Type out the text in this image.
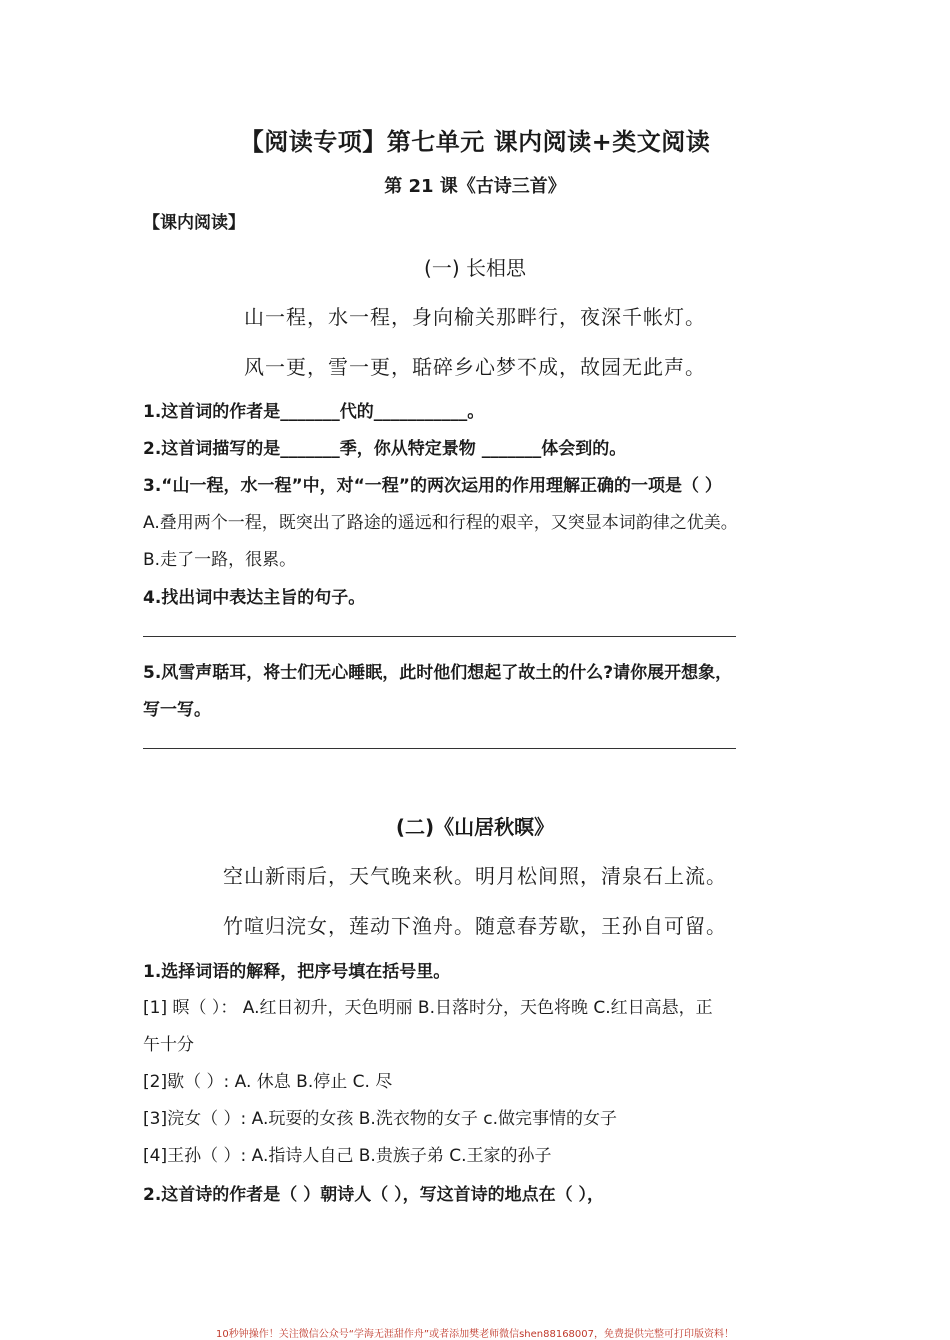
【阅读专项】第七单元 课内阅读+类文阅读
第 21 课《古诗三首》
【课内阅读】
(一) 长相思
山一程，水一程，身向榆关那畔行，夜深千帐灯。
风一更，雪一更，聒碎乡心梦不成，故园无此声。
1.这首词的作者是_______代的___________。
2.这首词描写的是_______季，你从特定景物 _______体会到的。
3.“山一程，水一程”中，对“一程”的两次运用的作用理解正确的一项是（ ）
A.叠用两个一程，既突出了路途的遥远和行程的艰辛，又突显本词韵律之优美。
B.走了一路，很累。
4.找出词中表达主旨的句子。
5.风雪声聒耳，将士们无心睡眠，此时他们想起了故土的什么?请你展开想象，
写一写。
(二)《山居秋暝》
空山新雨后，天气晚来秋。明月松间照，清泉石上流。
竹喧归浣女，莲动下渔舟。随意春芳歇，王孙自可留。
1.选择词语的解释，把序号填在括号里。
[1] 暝（ ）： A.红日初升，天色明丽 B.日落时分，天色将晚 C.红日高悬，正
午十分
[2]歇（ ）: A. 休息 B.停止 C. 尽
[3]浣女（ ）: A.玩耍的女孩 B.洗衣物的女子 c.做完事情的女子
[4]王孙（ ）: A.指诗人自己 B.贵族子弟 C.王家的孙子
2.这首诗的作者是（ ）朝诗人（ ），写这首诗的地点在（ ），
10秒钟操作！关注微信公众号“学海无涯甜作舟”或者添加樊老师微信shen88168007，免费提供完整可打印版资料！
